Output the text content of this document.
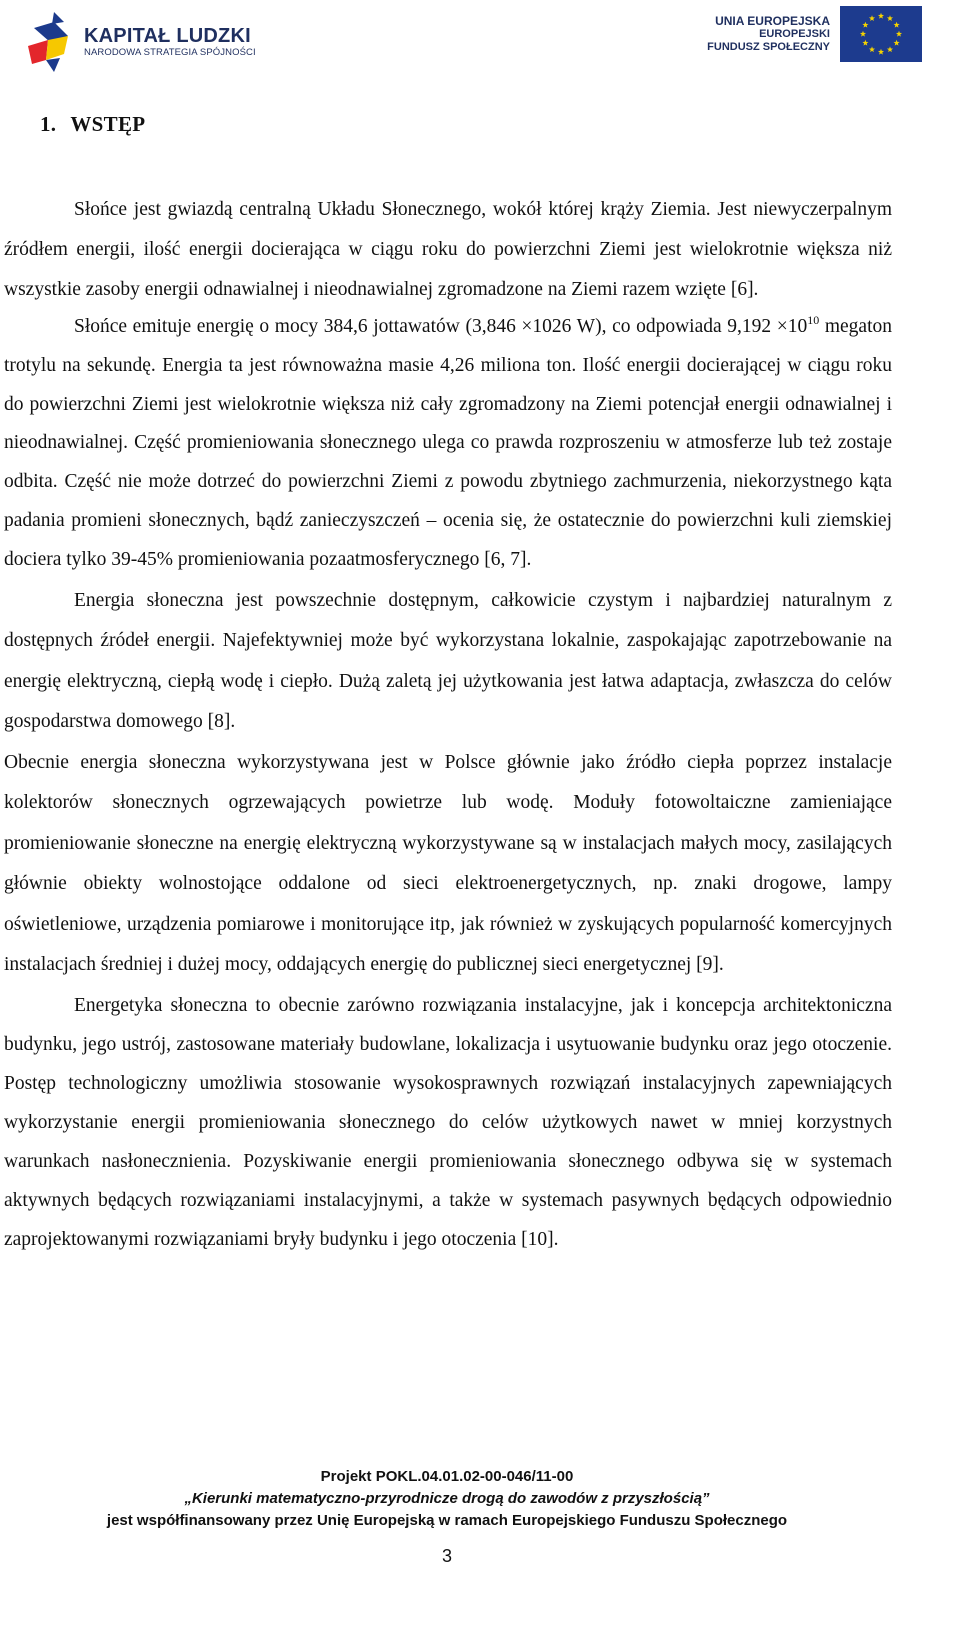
KAPITAŁ LUDZKI
NARODOWA STRATEGIA SPÓJNOŚCI
UNIA EUROPEJSKA
EUROPEJSKI
FUNDUSZ SPOŁECZNY
1. WSTĘP

Słońce jest gwiazdą centralną Układu Słonecznego, wokół której krąży Ziemia. Jest niewyczerpalnym źródłem energii, ilość energii docierająca w ciągu roku do powierzchni Ziemi jest wielokrotnie większa niż wszystkie zasoby energii odnawialnej i nieodnawialnej zgromadzone na Ziemi razem wzięte [6].

Słońce emituje energię o mocy 384,6 jottawatów (3,846 ×1026 W), co odpowiada $9,192 \times 10^{10}$ megaton trotylu na sekundę. Energia ta jest równoważna masie 4,26 miliona ton. Ilość energii docierającej w ciągu roku do powierzchni Ziemi jest wielokrotnie większa niż cały zgromadzony na Ziemi potencjał energii odnawialnej i nieodnawialnej. Część promieniowania słonecznego ulega co prawda rozproszeniu w atmosferze lub też zostaje odbita. Część nie może dotrzeć do powierzchni Ziemi z powodu zbytniego zachmurzenia, niekorzystnego kąta padania promieni słonecznych, bądź zanieczyszczeń – ocenia się, że ostatecznie do powierzchni kuli ziemskiej dociera tylko 39-45% promieniowania pozaatmosferycznego [6, 7].

Energia słoneczna jest powszechnie dostępnym, całkowicie czystym i najbardziej naturalnym z dostępnych źródeł energii. Najefektywniej może być wykorzystana lokalnie, zaspokajając zapotrzebowanie na energię elektryczną, ciepłą wodę i ciepło. Dużą zaletą jej użytkowania jest łatwa adaptacja, zwłaszcza do celów gospodarstwa domowego [8].

Obecnie energia słoneczna wykorzystywana jest w Polsce głównie jako źródło ciepła poprzez instalacje kolektorów słonecznych ogrzewających powietrze lub wodę. Moduły fotowoltaiczne zamieniające promieniowanie słoneczne na energię elektryczną wykorzystywane są w instalacjach małych mocy, zasilających głównie obiekty wolnostojące oddalone od sieci elektroenergetycznych, np. znaki drogowe, lampy oświetleniowe, urządzenia pomiarowe i monitorujące itp, jak również w zyskujących popularność komercyjnych instalacjach średniej i dużej mocy, oddających energię do publicznej sieci energetycznej [9].

Energetyka słoneczna to obecnie zarówno rozwiązania instalacyjne, jak i koncepcja architektoniczna budynku, jego ustrój, zastosowane materiały budowlane, lokalizacja i usytuowanie budynku oraz jego otoczenie. Postęp technologiczny umożliwia stosowanie wysokosprawnych rozwiązań instalacyjnych zapewniających wykorzystanie energii promieniowania słonecznego do celów użytkowych nawet w mniej korzystnych warunkach nasłonecznienia. Pozyskiwanie energii promieniowania słonecznego odbywa się w systemach aktywnych będących rozwiązaniami instalacyjnymi, a także w systemach pasywnych będących odpowiednio zaprojektowanymi rozwiązaniami bryły budynku i jego otoczenia [10].

Projekt POKL.04.01.02-00-046/11-00
„Kierunki matematyczno-przyrodnicze drogą do zawodów z przyszłością”
jest współfinansowany przez Unię Europejską w ramach Europejskiego Funduszu Społecznego
3
